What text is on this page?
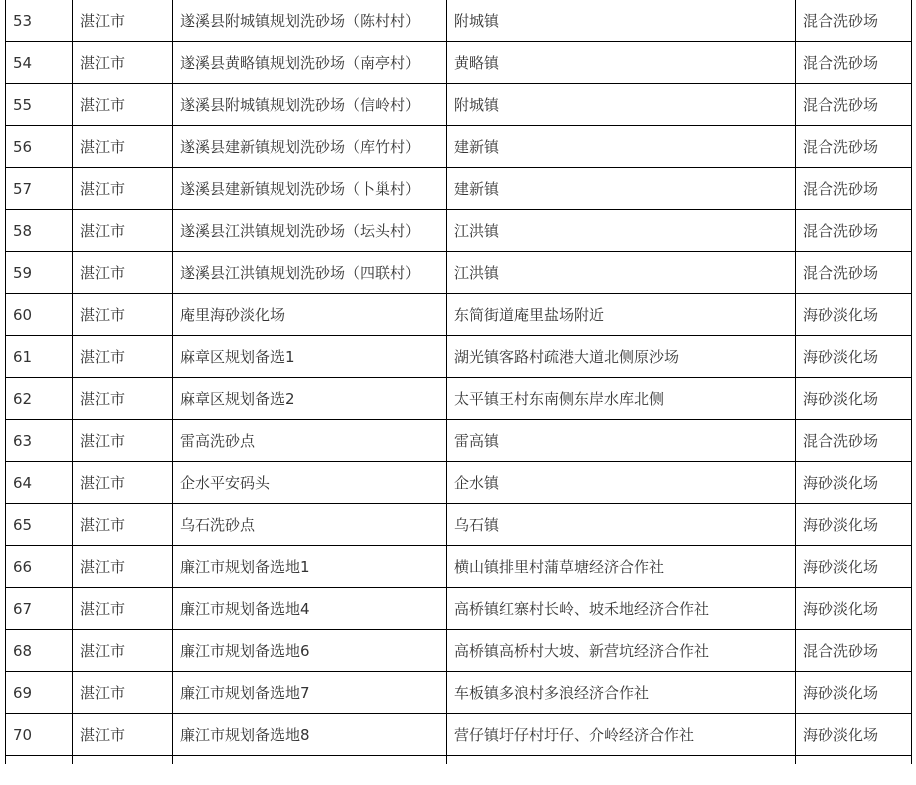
53	湛江市	遂溪县附城镇规划洗砂场（陈村村）	附城镇	混合洗砂场
54	湛江市	遂溪县黄略镇规划洗砂场（南亭村）	黄略镇	混合洗砂场
55	湛江市	遂溪县附城镇规划洗砂场（信岭村）	附城镇	混合洗砂场
56	湛江市	遂溪县建新镇规划洗砂场（库竹村）	建新镇	混合洗砂场
57	湛江市	遂溪县建新镇规划洗砂场（卜巢村）	建新镇	混合洗砂场
58	湛江市	遂溪县江洪镇规划洗砂场（坛头村）	江洪镇	混合洗砂场
59	湛江市	遂溪县江洪镇规划洗砂场（四联村）	江洪镇	混合洗砂场
60	湛江市	庵里海砂淡化场	东简街道庵里盐场附近	海砂淡化场
61	湛江市	麻章区规划备选1	湖光镇客路村疏港大道北侧原沙场	海砂淡化场
62	湛江市	麻章区规划备选2	太平镇王村东南侧东岸水库北侧	海砂淡化场
63	湛江市	雷高洗砂点	雷高镇	混合洗砂场
64	湛江市	企水平安码头	企水镇	海砂淡化场
65	湛江市	乌石洗砂点	乌石镇	海砂淡化场
66	湛江市	廉江市规划备选地1	横山镇排里村蒲草塘经济合作社	海砂淡化场
67	湛江市	廉江市规划备选地4	高桥镇红寨村长岭、坡禾地经济合作社	海砂淡化场
68	湛江市	廉江市规划备选地6	高桥镇高桥村大坡、新营坑经济合作社	混合洗砂场
69	湛江市	廉江市规划备选地7	车板镇多浪村多浪经济合作社	海砂淡化场
70	湛江市	廉江市规划备选地8	营仔镇圩仔村圩仔、介岭经济合作社	海砂淡化场
